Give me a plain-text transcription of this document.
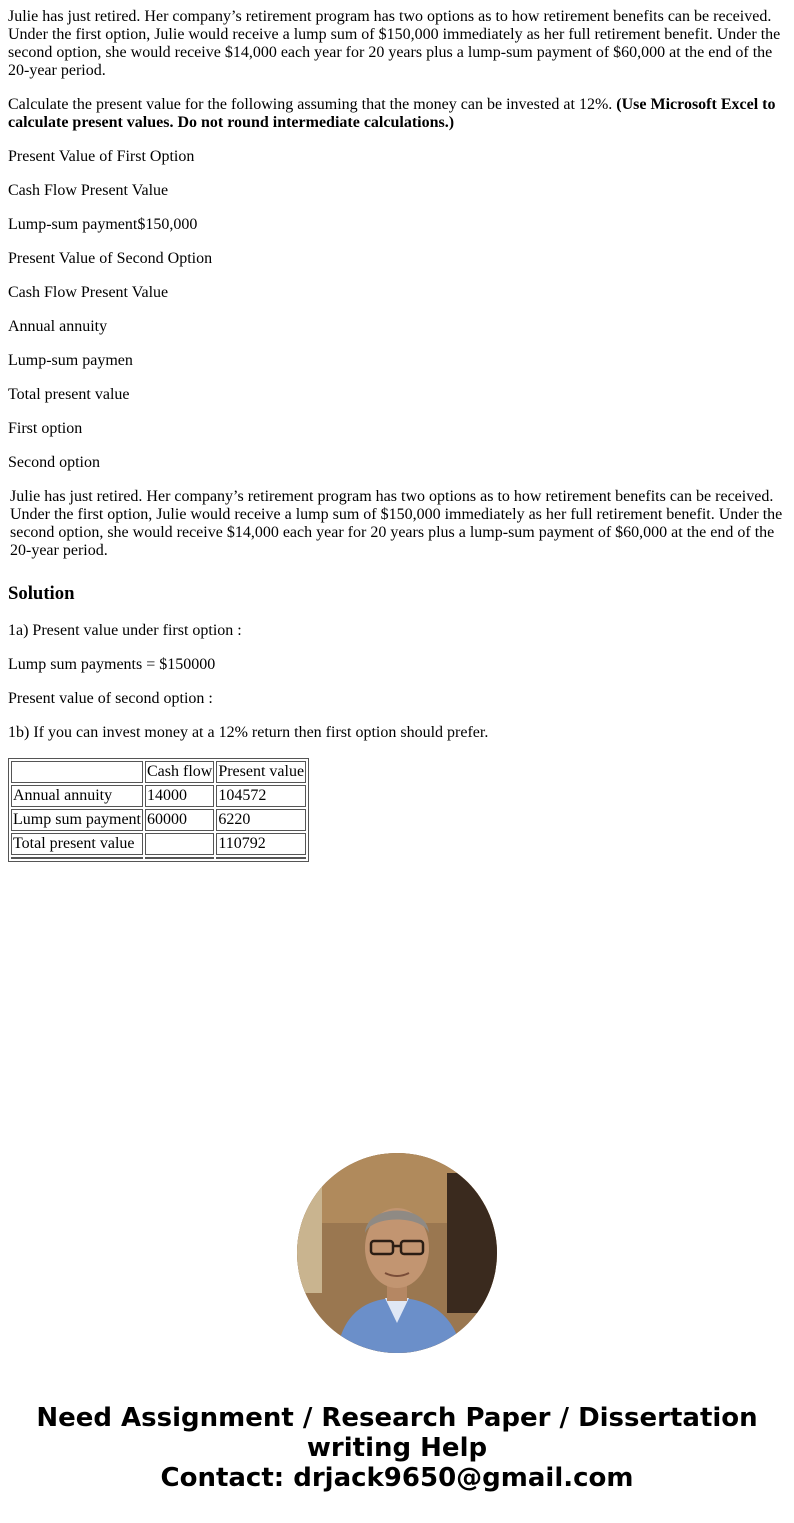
Julie has just retired. Her company’s retirement program has two options as to how retirement benefits can be received. Under the first option, Julie would receive a lump sum of $150,000 immediately as her full retirement benefit. Under the second option, she would receive $14,000 each year for 20 years plus a lump-sum payment of $60,000 at the end of the 20-year period.

Calculate the present value for the following assuming that the money can be invested at 12%. (Use Microsoft Excel to calculate present values. Do not round intermediate calculations.)

Present Value of First Option

Cash Flow Present Value

Lump-sum payment$150,000

Present Value of Second Option

Cash Flow Present Value

Annual annuity

Lump-sum paymen

Total present value

First option

Second option

Julie has just retired. Her company’s retirement program has two options as to how retirement benefits can be received. Under the first option, Julie would receive a lump sum of $150,000 immediately as her full retirement benefit. Under the second option, she would receive $14,000 each year for 20 years plus a lump-sum payment of $60,000 at the end of the 20-year period.

Solution

1a) Present value under first option :

Lump sum payments = $150000

Present value of second option :

1b) If you can invest money at a 12% return then first option should prefer.

	Cash flow	Present value
Annual annuity	14000	104572
Lump sum payment	60000	6220
Total present value		110792

Need Assignment / Research Paper / Dissertation
writing Help
Contact: drjack9650@gmail.com
